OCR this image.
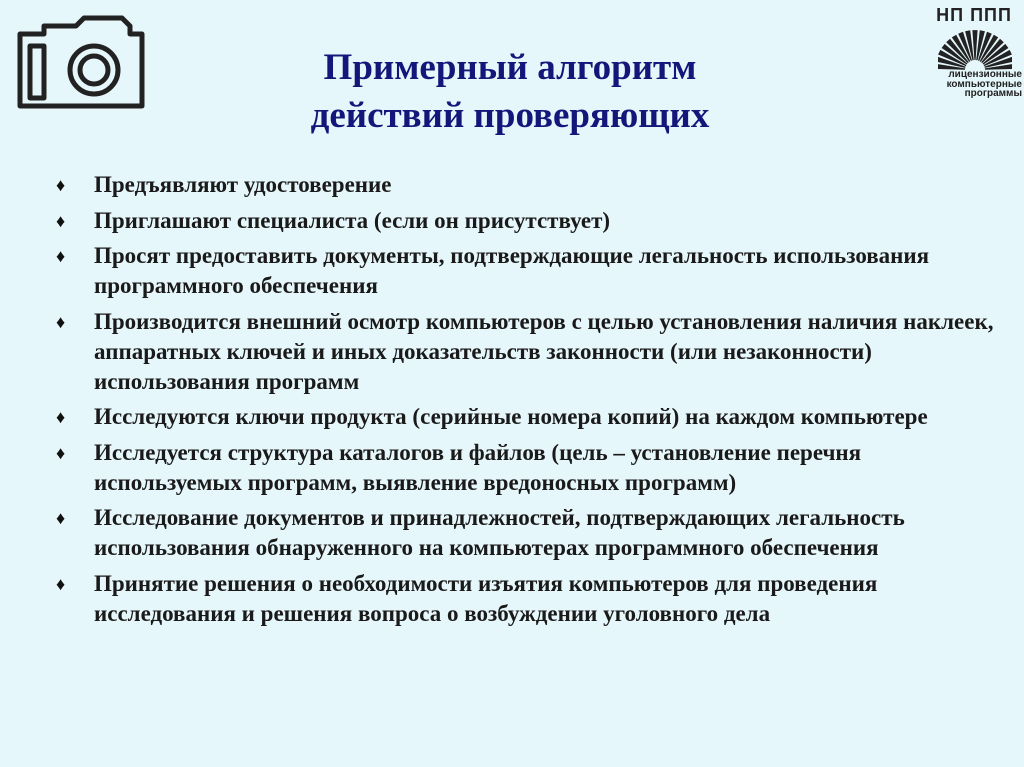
НП ППП
лицензионные
компьютерные
программы
Примерный алгоритм
действий проверяющих
♦ Предъявляют удостоверение
♦ Приглашают специалиста (если он присутствует)
♦ Просят предоставить документы, подтверждающие легальность использования программного обеспечения
♦ Производится внешний осмотр компьютеров с целью установления наличия наклеек, аппаратных ключей и иных доказательств законности (или незаконности) использования программ
♦ Исследуются ключи продукта (серийные номера копий) на каждом компьютере
♦ Исследуется структура каталогов и файлов (цель – установление перечня используемых программ, выявление вредоносных программ)
♦ Исследование документов и принадлежностей, подтверждающих легальность использования обнаруженного на компьютерах программного обеспечения
♦ Принятие решения о необходимости изъятия компьютеров для проведения исследования и решения вопроса о возбуждении уголовного дела
